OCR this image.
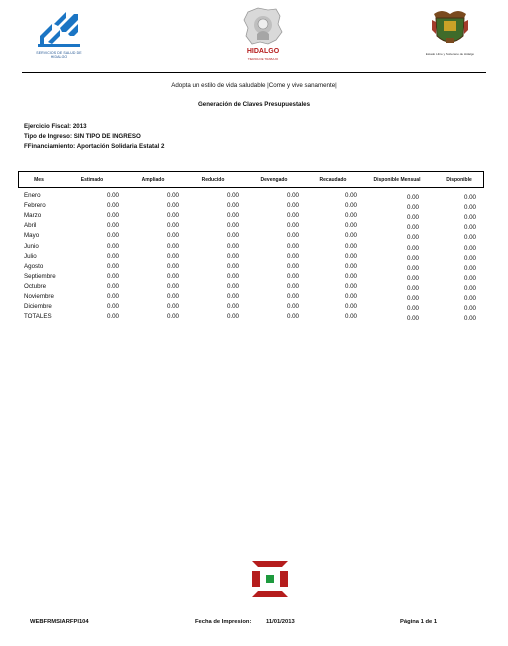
SERVICIOS DE SALUD DE HIDALGO
HIDALGO
TIERRA DE TRABAJO
Estado Libre y Soberano de Hidalgo
Adopta un estilo de vida saludable |Come y vive sanamente|
Generación de Claves Presupuestales
Ejercicio Fiscal: 2013
Tipo de Ingreso: SIN TIPO DE INGRESO
FFinanciamiento: Aportación Solidaria Estatal 2
Mes	Estimado	Ampliado	Reducido	Devengado	Recaudado	Disponible Mensual	Disponible
Enero	0.00	0.00	0.00	0.00	0.00	0.00	0.00
Febrero	0.00	0.00	0.00	0.00	0.00	0.00	0.00
Marzo	0.00	0.00	0.00	0.00	0.00	0.00	0.00
Abril	0.00	0.00	0.00	0.00	0.00	0.00	0.00
Mayo	0.00	0.00	0.00	0.00	0.00	0.00	0.00
Junio	0.00	0.00	0.00	0.00	0.00	0.00	0.00
Julio	0.00	0.00	0.00	0.00	0.00	0.00	0.00
Agosto	0.00	0.00	0.00	0.00	0.00	0.00	0.00
Septiembre	0.00	0.00	0.00	0.00	0.00	0.00	0.00
Octubre	0.00	0.00	0.00	0.00	0.00	0.00	0.00
Noviembre	0.00	0.00	0.00	0.00	0.00	0.00	0.00
Diciembre	0.00	0.00	0.00	0.00	0.00	0.00	0.00
TOTALES	0.00	0.00	0.00	0.00	0.00	0.00	0.00
WEBFRMSIARFPI104	Fecha de Impresion:	11/01/2013	Página 1 de 1
